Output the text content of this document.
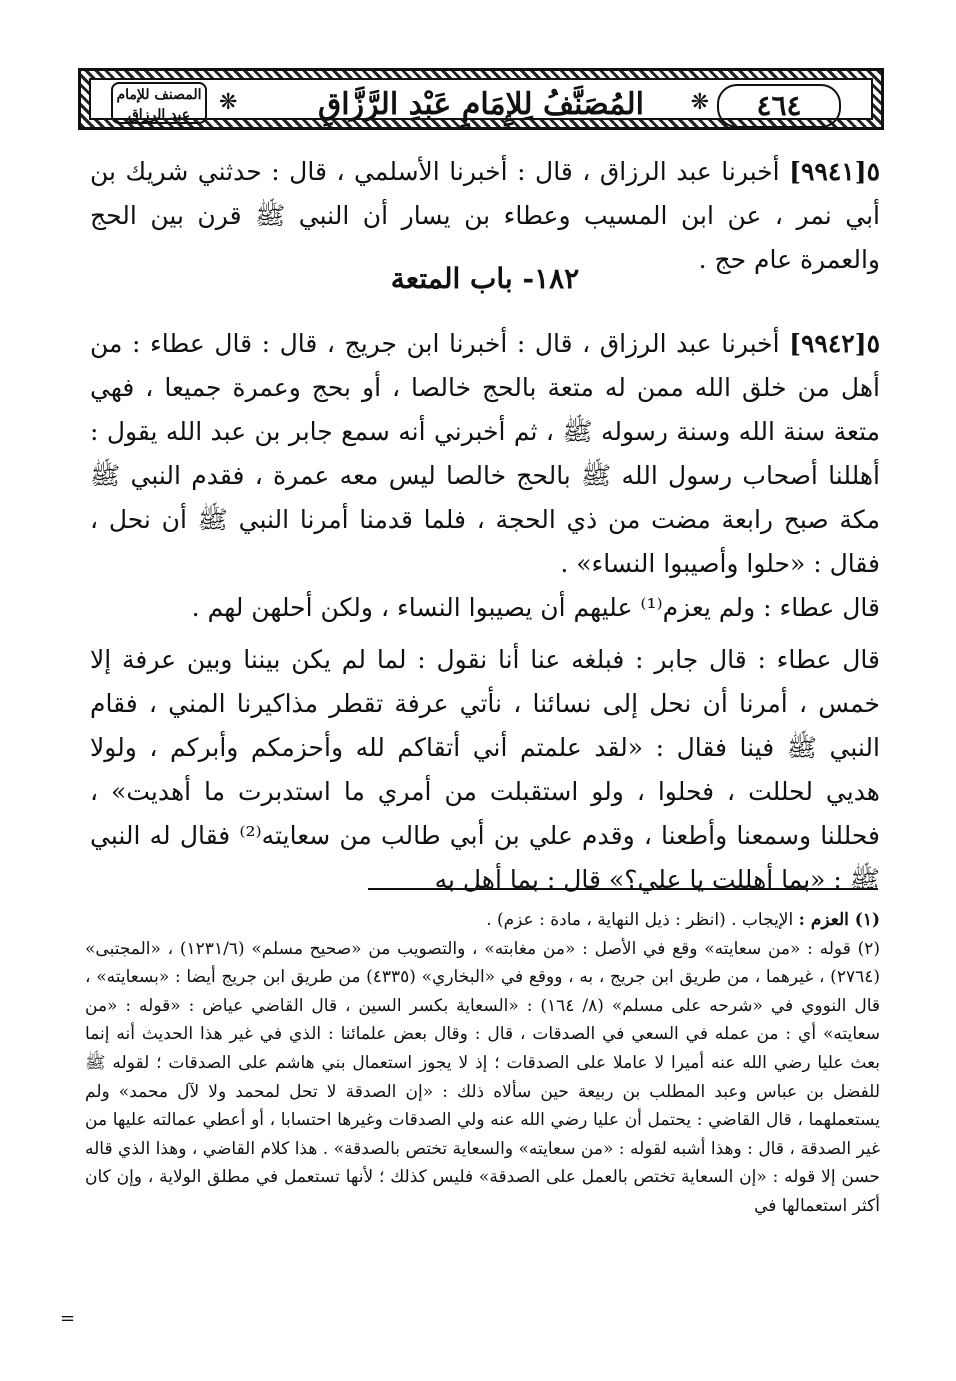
٤٦٤
❋
المُصَنَّفُ لِلإِمَامِ عَبْدِ الرَّزَّاقِ
❋
المصنف للإمام عبد الرزاق

٥[٩٩٤١] أخبرنا عبد الرزاق ، قال : أخبرنا الأسلمي ، قال : حدثني شريك بن أبي نمر ، عن ابن المسيب وعطاء بن يسار أن النبي ﷺ قرن بين الحج والعمرة عام حج .

١٨٢- باب المتعة

٥[٩٩٤٢] أخبرنا عبد الرزاق ، قال : أخبرنا ابن جريج ، قال : قال عطاء : من أهل من خلق الله ممن له متعة بالحج خالصا ، أو بحج وعمرة جميعا ، فهي متعة سنة الله وسنة رسوله ﷺ ، ثم أخبرني أنه سمع جابر بن عبد الله يقول : أهللنا أصحاب رسول الله ﷺ بالحج خالصا ليس معه عمرة ، فقدم النبي ﷺ مكة صبح رابعة مضت من ذي الحجة ، فلما قدمنا أمرنا النبي ﷺ أن نحل ، فقال : «حلوا وأصيبوا النساء» .

قال عطاء : ولم يعزم⁽¹⁾ عليهم أن يصيبوا النساء ، ولكن أحلهن لهم .

قال عطاء : قال جابر : فبلغه عنا أنا نقول : لما لم يكن بيننا وبين عرفة إلا خمس ، أمرنا أن نحل إلى نسائنا ، نأتي عرفة تقطر مذاكيرنا المني ، فقام النبي ﷺ فينا فقال : «لقد علمتم أني أتقاكم لله وأحزمكم وأبركم ، ولولا هديي لحللت ، فحلوا ، ولو استقبلت من أمري ما استدبرت ما أهديت» ، فحللنا وسمعنا وأطعنا ، وقدم علي بن أبي طالب من سعايته⁽²⁾ فقال له النبي ﷺ : «بما أهللت يا علي؟» قال : بما أهل به

(١) العزم : الإيجاب . (انظر : ذيل النهاية ، مادة : عزم) .

(٢) قوله : «من سعايته» وقع في الأصل : «من مغابته» ، والتصويب من «صحيح مسلم» (١٢٣١/٦) ، «المجتبى» (٢٧٦٤) ، غيرهما ، من طريق ابن جريج ، به ، ووقع في «البخاري» (٤٣٣٥) من طريق ابن جريج أيضا : «بسعايته» ، قال النووي في «شرحه على مسلم» (٨/ ١٦٤) : «السعاية بكسر السين ، قال القاضي عياض : «قوله : «من سعايته» أي : من عمله في السعي في الصدقات ، قال : وقال بعض علمائنا : الذي في غير هذا الحديث أنه إنما بعث عليا رضي الله عنه أميرا لا عاملا على الصدقات ؛ إذ لا يجوز استعمال بني هاشم على الصدقات ؛ لقوله ﷺ للفضل بن عباس وعبد المطلب بن ربيعة حين سألاه ذلك : «إن الصدقة لا تحل لمحمد ولا لآل محمد» ولم يستعملهما ، قال القاضي : يحتمل أن عليا رضي الله عنه ولي الصدقات وغيرها احتسابا ، أو أعطي عمالته عليها من غير الصدقة ، قال : وهذا أشبه لقوله : «من سعايته» والسعاية تختص بالصدقة» . هذا كلام القاضي ، وهذا الذي قاله حسن إلا قوله : «إن السعاية تختص بالعمل على الصدقة» فليس كذلك ؛ لأنها تستعمل في مطلق الولاية ، وإن كان أكثر استعمالها في

=
